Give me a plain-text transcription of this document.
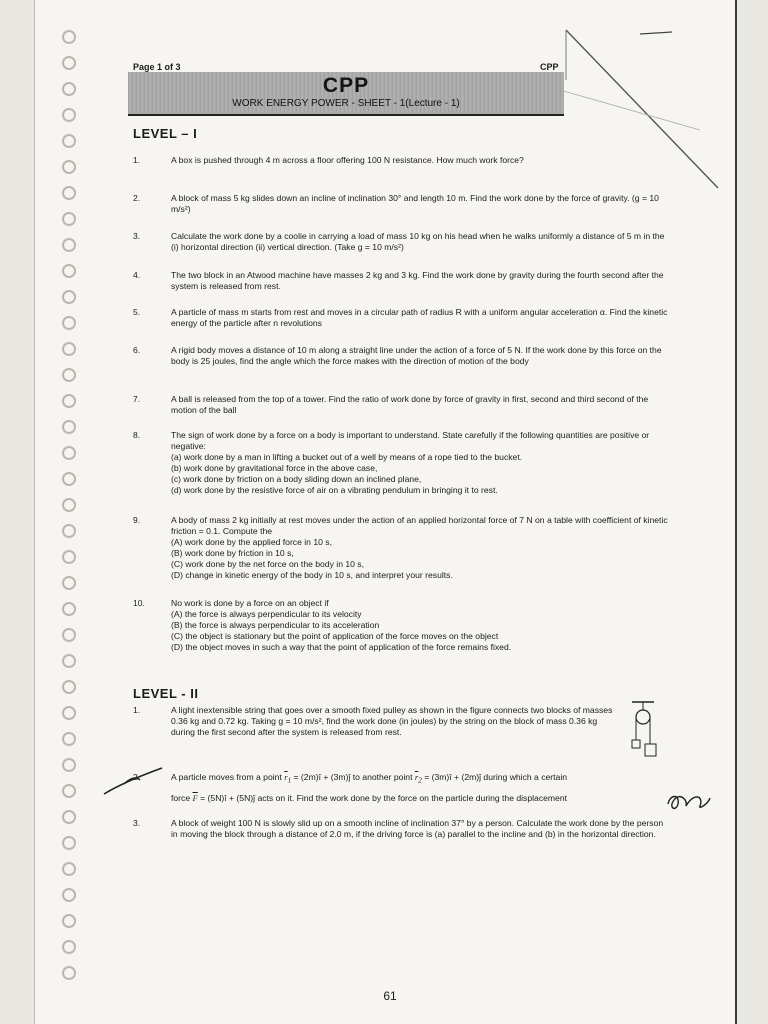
Page 1 of 3	CPP
CPP
WORK ENERGY POWER - SHEET - 1(Lecture - 1)
LEVEL – I
1.	A box is pushed through 4 m across a floor offering 100 N resistance. How much work force?
2.	A block of mass 5 kg slides down an incline of inclination 30° and length 10 m. Find the work done by the force of gravity. (g = 10 m/s²)
3.	Calculate the work done by a coolie in carrying a load of mass 10 kg on his head when he walks uniformly a distance of 5 m in the (i) horizontal direction (ii) vertical direction. (Take g = 10 m/s²)
4.	The two block in an Atwood machine have masses 2 kg and 3 kg. Find the work done by gravity during the fourth second after the system is released from rest.
5.	A particle of mass m starts from rest and moves in a circular path of radius R with a uniform angular acceleration α. Find the kinetic energy of the particle after n revolutions
6.	A rigid body moves a distance of 10 m along a straight line under the action of a force of 5 N. If the work done by this force on the body is 25 joules, find the angle which the force makes with the direction of motion of the body
7.	A ball is released from the top of a tower. Find the ratio of work done by force of gravity in first, second and third second of the motion of the ball
8.	The sign of work done by a force on a body is important to understand. State carefully if the following quantities are positive or negative:
(a) work done by a man in lifting a bucket out of a well by means of a rope tied to the bucket.
(b) work done by gravitational force in the above case,
(c) work done by friction on a body sliding down an inclined plane,
(d) work done by the resistive force of air on a vibrating pendulum in bringing it to rest.
9.	A body of mass 2 kg initially at rest moves under the action of an applied horizontal force of 7 N on a table with coefficient of kinetic friction = 0.1. Compute the
(A) work done by the applied force in 10 s,
(B) work done by friction in 10 s,
(C) work done by the net force on the body in 10 s,
(D) change in kinetic energy of the body in 10 s, and interpret your results.
10.	No work is done by a force on an object if
(A) the force is always perpendicular to its velocity
(B) the force is always perpendicular to its acceleration
(C) the object is stationary but the point of application of the force moves on the object
(D) the object moves in such a way that the point of application of the force remains fixed.
LEVEL - II
1.	A light inextensible string that goes over a smooth fixed pulley as shown in the figure connects two blocks of masses 0.36 kg and 0.72 kg. Taking g = 10 m/s², find the work done (in joules) by the string on the block of mass 0.36 kg during the first second after the system is released from rest.
2.	A particle moves from a point $\overline{r}_1$ = (2m)î + (3m)ĵ to another point $\overline{r}_2$ = (3m)î + (2m)ĵ during which a certain
force $\overline{F}$ = (5N)î + (5N)ĵ acts on it. Find the work done by the force on the particle during the displacement
3.	A block of weight 100 N is slowly slid up on a smooth incline of inclination 37° by a person. Calculate the work done by the person in moving the block through a distance of 2.0 m, if the driving force is (a) parallel to the incline and (b) in the horizontal direction.
61
